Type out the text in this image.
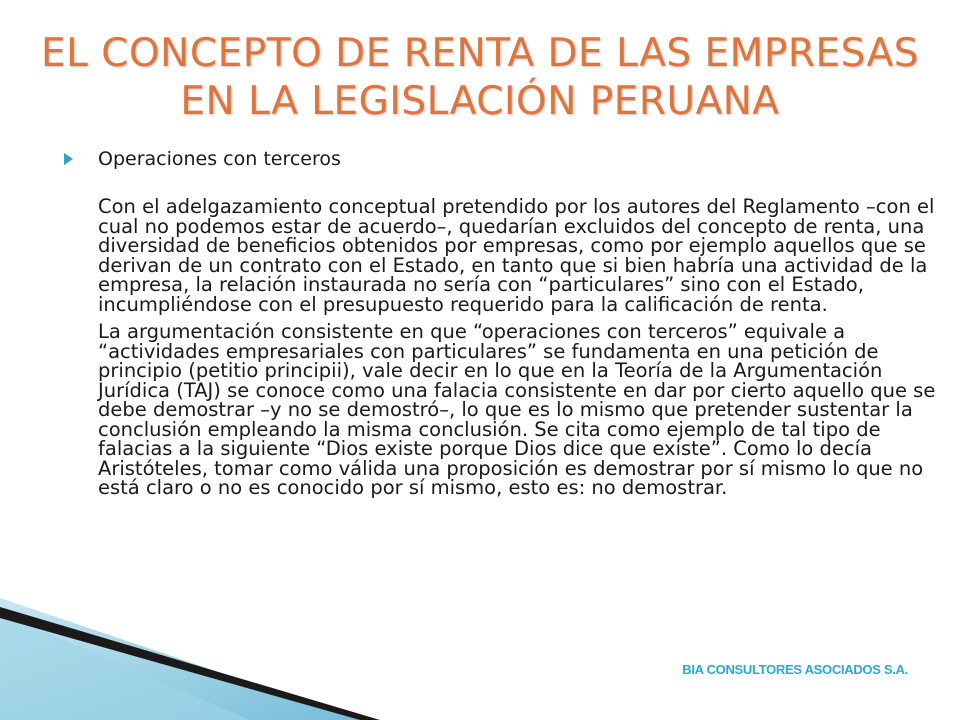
EL CONCEPTO DE RENTA DE LAS EMPRESAS EN LA LEGISLACIÓN PERUANA

Operaciones con terceros

Con el adelgazamiento conceptual pretendido por los autores del Reglamento –con el cual no podemos estar de acuerdo–, quedarían excluidos del concepto de renta, una diversidad de beneficios obtenidos por empresas, como por ejemplo aquellos que se derivan de un contrato con el Estado, en tanto que si bien habría una actividad de la empresa, la relación instaurada no sería con “particulares” sino con el Estado, incumpliéndose con el presupuesto requerido para la calificación de renta.

La argumentación consistente en que “operaciones con terceros” equivale a “actividades empresariales con particulares” se fundamenta en una petición de principio (petitio principii), vale decir en lo que en la Teoría de la Argumentación Jurídica (TAJ) se conoce como una falacia consistente en dar por cierto aquello que se debe demostrar –y no se demostró–, lo que es lo mismo que pretender sustentar la conclusión empleando la misma conclusión. Se cita como ejemplo de tal tipo de falacias a la siguiente “Dios existe porque Dios dice que existe”. Como lo decía Aristóteles, tomar como válida una proposición es demostrar por sí mismo lo que no está claro o no es conocido por sí mismo, esto es: no demostrar.

BIA CONSULTORES ASOCIADOS S.A.
